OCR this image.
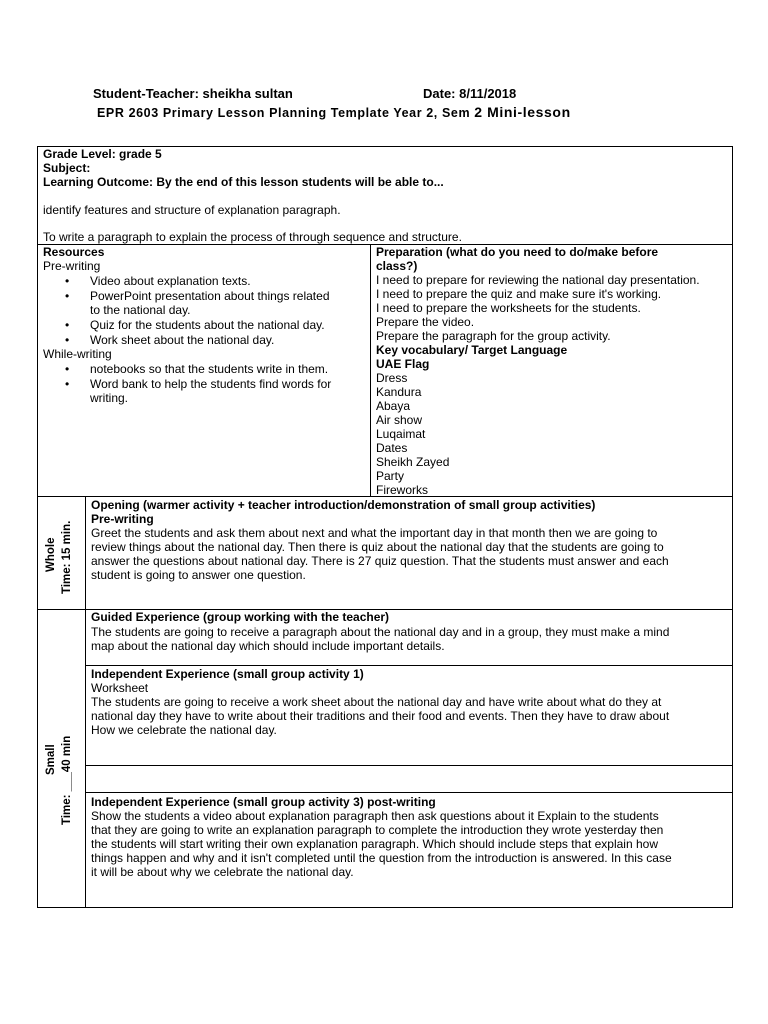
Student-Teacher: sheikha sultan	Date: 8/11/2018
EPR 2603 Primary Lesson Planning Template Year 2, Sem 2 Mini-lesson
Grade Level: grade 5
Subject:
Learning Outcome: By the end of this lesson students will be able to...
identify features and structure of explanation paragraph.
To write a paragraph to explain the process of through sequence and structure.
Resources
Pre-writing
• Video about explanation texts.
• PowerPoint presentation about things related
to the national day.
• Quiz for the students about the national day.
• Work sheet about the national day.
While-writing
• notebooks so that the students write in them.
• Word bank to help the students find words for
writing.
Preparation (what do you need to do/make before
class?)
I need to prepare for reviewing the national day presentation.
I need to prepare the quiz and make sure it's working.
I need to prepare the worksheets for the students.
Prepare the video.
Prepare the paragraph for the group activity.
Key vocabulary/ Target Language
UAE Flag
Dress
Kandura
Abaya
Air show
Luqaimat
Dates
Sheikh Zayed
Party
Fireworks
Whole Time: 15 min.
Opening (warmer activity + teacher introduction/demonstration of small group activities)
Pre-writing
Greet the students and ask them about next and what the important day in that month then we are going to
review things about the national day. Then there is quiz about the national day that the students are going to
answer the questions about national day. There is 27 quiz question. That the students must answer and each
student is going to answer one question.
Small Time: ___40 min
Guided Experience (group working with the teacher)
The students are going to receive a paragraph about the national day and in a group, they must make a mind
map about the national day which should include important details.
Independent Experience (small group activity 1)
Worksheet
The students are going to receive a work sheet about the national day and have write about what do they at
national day they have to write about their traditions and their food and events. Then they have to draw about
How we celebrate the national day.
Independent Experience (small group activity 3) post-writing
Show the students a video about explanation paragraph then ask questions about it Explain to the students
that they are going to write an explanation paragraph to complete the introduction they wrote yesterday then
the students will start writing their own explanation paragraph. Which should include steps that explain how
things happen and why and it isn't completed until the question from the introduction is answered. In this case
it will be about why we celebrate the national day.
